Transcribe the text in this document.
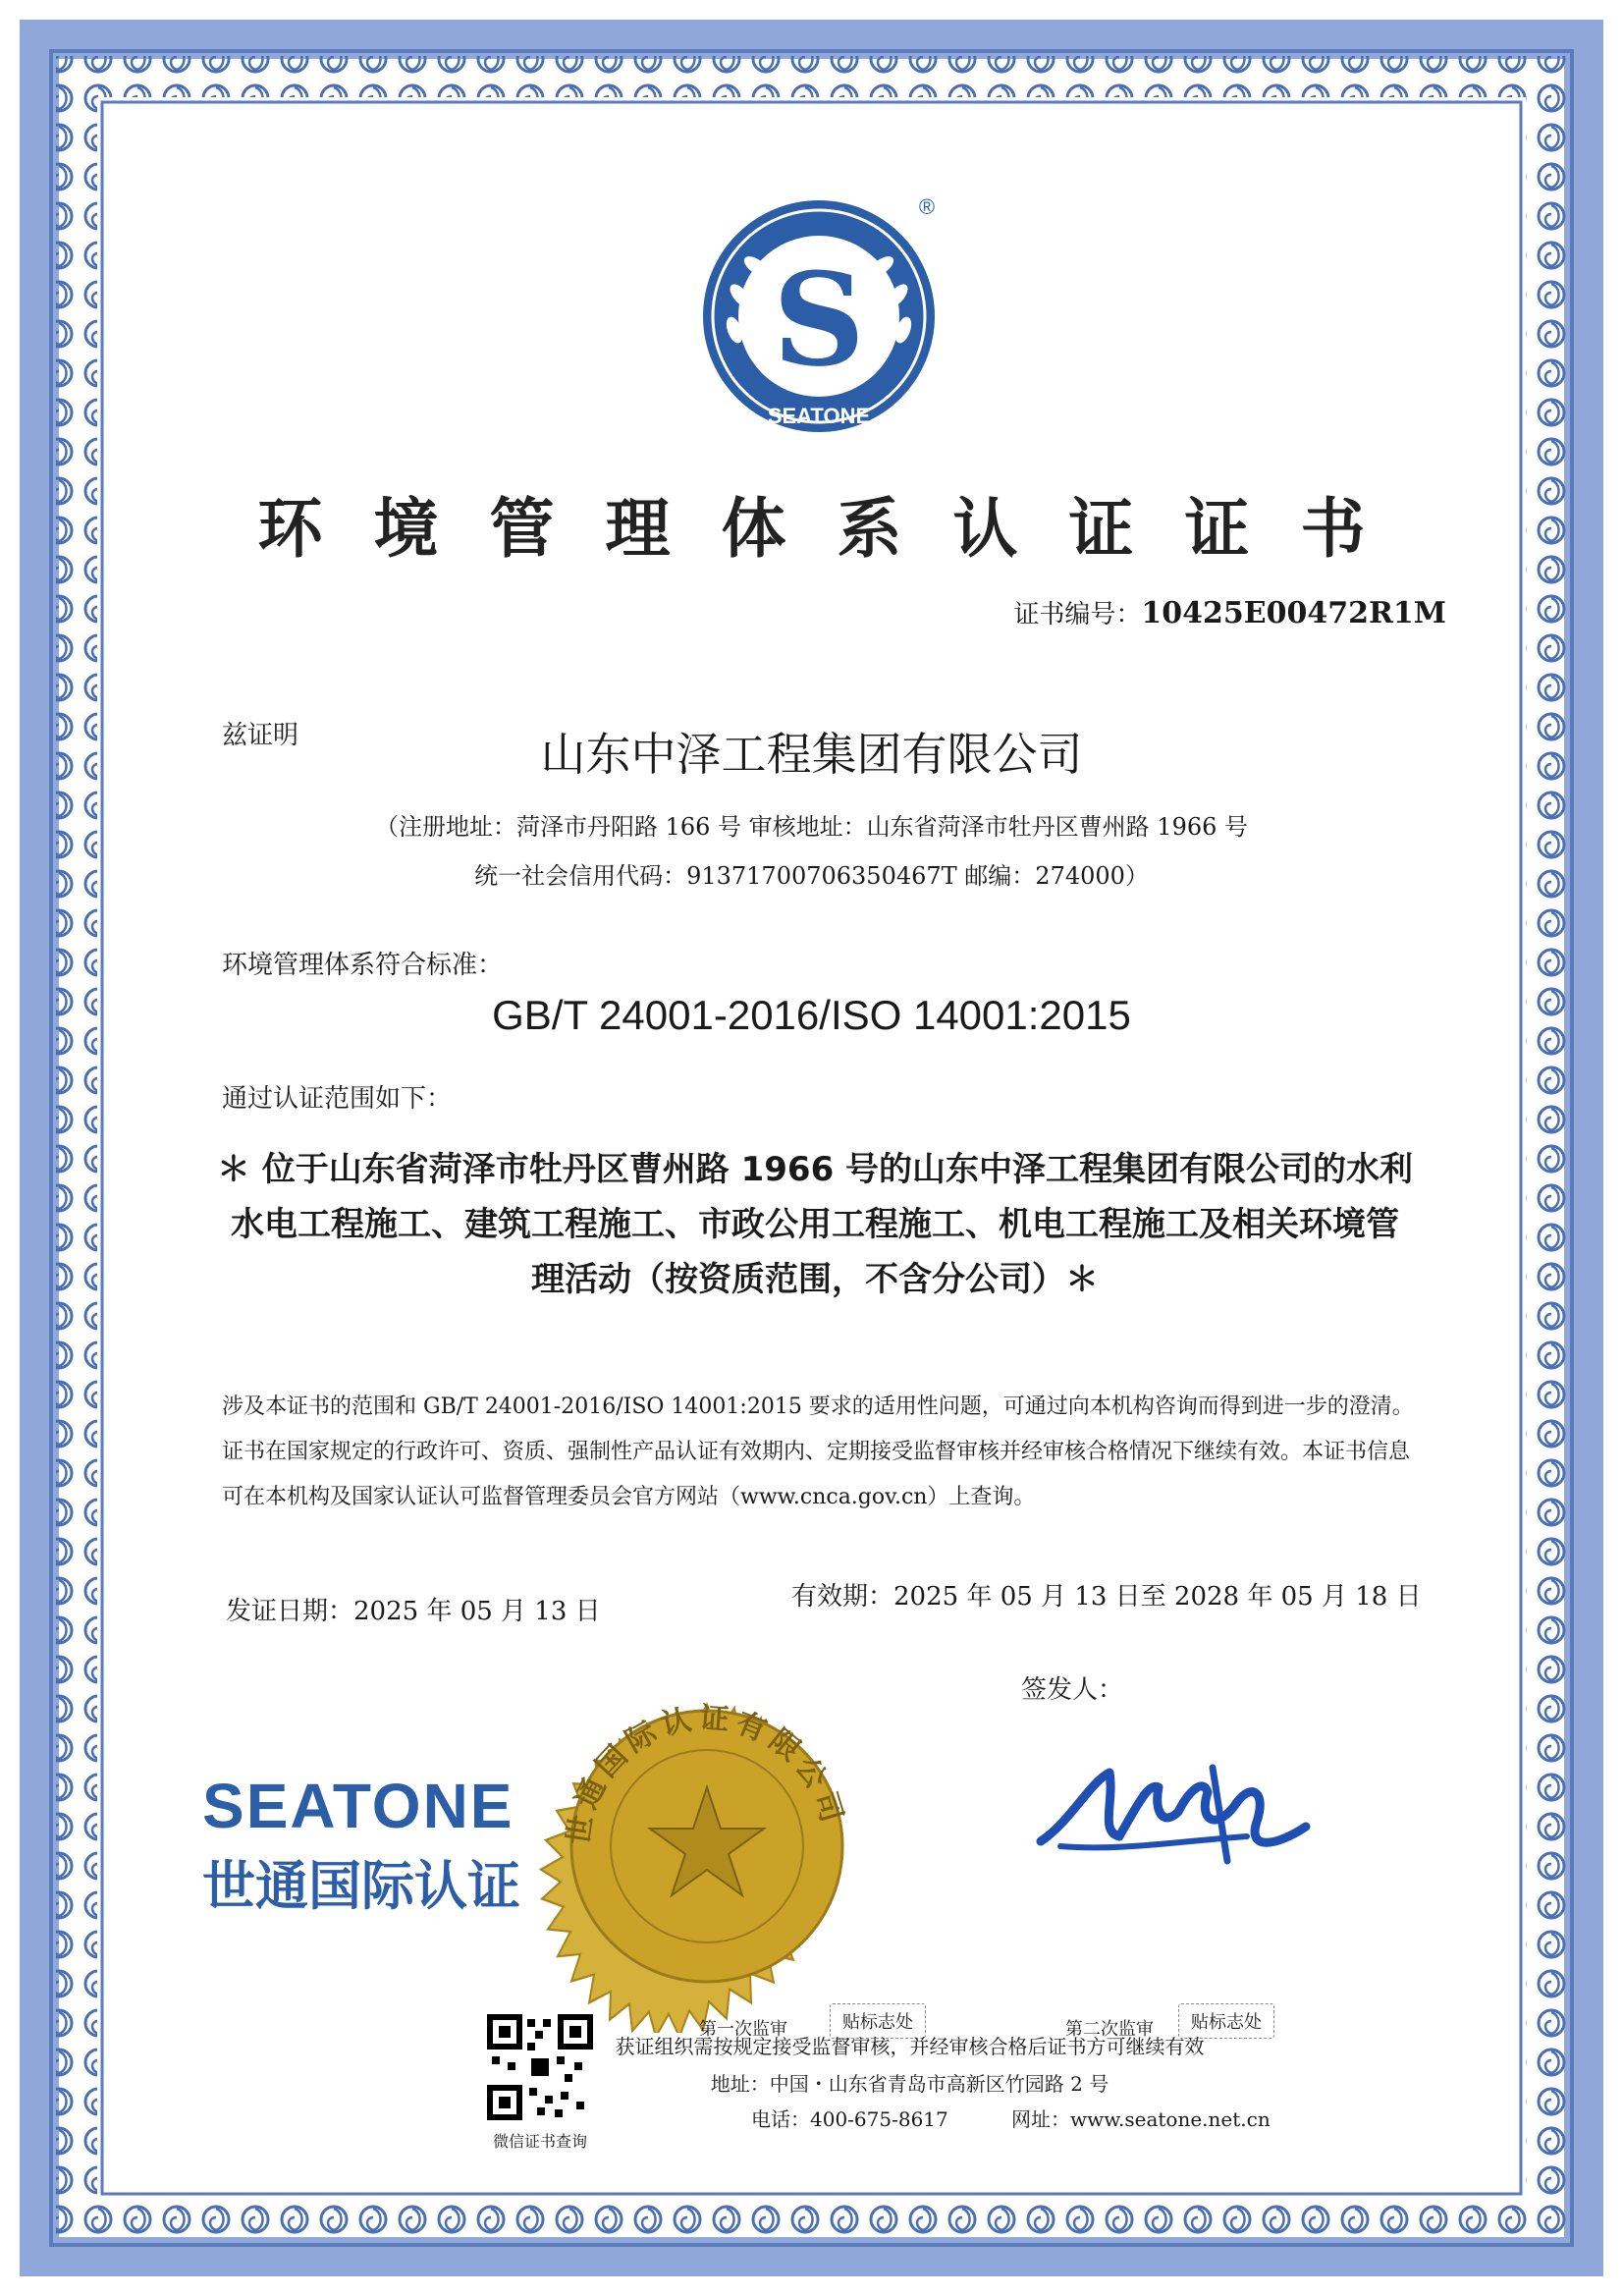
S
SEATONE
®
环境管理体系认证证书
证书编号：10425E00472R1M
兹证明	山东中泽工程集团有限公司
（注册地址：菏泽市丹阳路 166 号 审核地址：山东省菏泽市牡丹区曹州路 1966 号
统一社会信用代码：91371700706350467T 邮编：274000）
环境管理体系符合标准：
GB/T 24001-2016/ISO 14001:2015
通过认证范围如下：
＊ 位于山东省菏泽市牡丹区曹州路 1966 号的山东中泽工程集团有限公司的水利水电工程施工、建筑工程施工、市政公用工程施工、机电工程施工及相关环境管理活动（按资质范围，不含分公司）＊
涉及本证书的范围和 GB/T 24001-2016/ISO 14001:2015 要求的适用性问题，可通过向本机构咨询而得到进一步的澄清。证书在国家规定的行政许可、资质、强制性产品认证有效期内、定期接受监督审核并经审核合格情况下继续有效。本证书信息可在本机构及国家认证认可监督管理委员会官方网站（www.cnca.gov.cn）上查询。
发证日期：2025 年 05 月 13 日	有效期：2025 年 05 月 13 日至 2028 年 05 月 18 日
签发人：
SEATONE
世通国际认证
世通国际认证有限公司
微信证书查询
第一次监审	贴标志处	第二次监审	贴标志处
获证组织需按规定接受监督审核，并经审核合格后证书方可继续有效
地址：中国・山东省青岛市高新区竹园路 2 号
电话：400-675-8617	网址：www.seatone.net.cn
